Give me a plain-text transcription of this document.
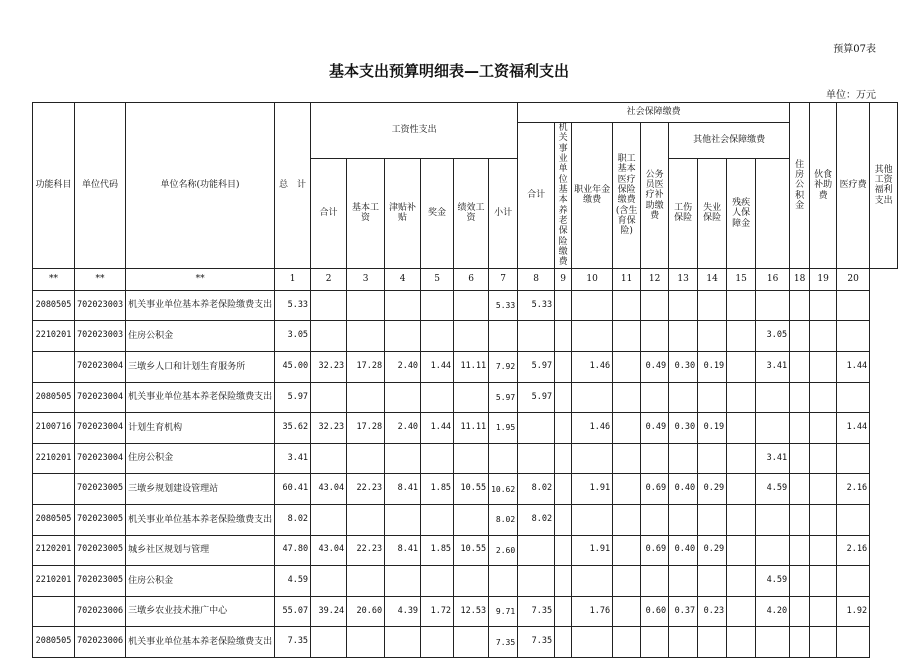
预算07表
基本支出预算明细表—工资福利支出
单位：万元
功能科目	单位代码	单位名称(功能科目)	总　计	工资性支出						社会保障缴费									住房公积金	伙食补助费	医疗费	其他工资福利支出
										合计	机关事业单位基本养老保险缴费	职业年金缴费	职工基本医疗保险缴费(含生育保险)	公务员医疗补助缴费	其他社会保障缴费							
				合计	基本工资	津贴补贴	奖金	绩效工资	小计						工伤保险	失业保险	残疾人保障金					
**	**	**	1	2	3	4	5	6	7	8	9	10	11	12	13	14	15	16	18	19	20	
2080505	702023003	机关事业单位基本养老保险缴费支出	5.33						5.33	5.33												
2210201	702023003	住房公积金	3.05															3.05				
	702023004	三墩乡人口和计划生育服务所	45.00	32.23	17.28	2.40	1.44	11.11	7.92	5.97		1.46		0.49	0.30	0.19		3.41			1.44	
2080505	702023004	机关事业单位基本养老保险缴费支出	5.97						5.97	5.97												
2100716	702023004	计划生育机构	35.62	32.23	17.28	2.40	1.44	11.11	1.95			1.46		0.49	0.30	0.19					1.44	
2210201	702023004	住房公积金	3.41															3.41				
	702023005	三墩乡规划建设管理站	60.41	43.04	22.23	8.41	1.85	10.55	10.62	8.02		1.91		0.69	0.40	0.29		4.59			2.16	
2080505	702023005	机关事业单位基本养老保险缴费支出	8.02						8.02	8.02												
2120201	702023005	城乡社区规划与管理	47.80	43.04	22.23	8.41	1.85	10.55	2.60			1.91		0.69	0.40	0.29					2.16	
2210201	702023005	住房公积金	4.59															4.59				
	702023006	三墩乡农业技术推广中心	55.07	39.24	20.60	4.39	1.72	12.53	9.71	7.35		1.76		0.60	0.37	0.23		4.20			1.92	
2080505	702023006	机关事业单位基本养老保险缴费支出	7.35						7.35	7.35												
